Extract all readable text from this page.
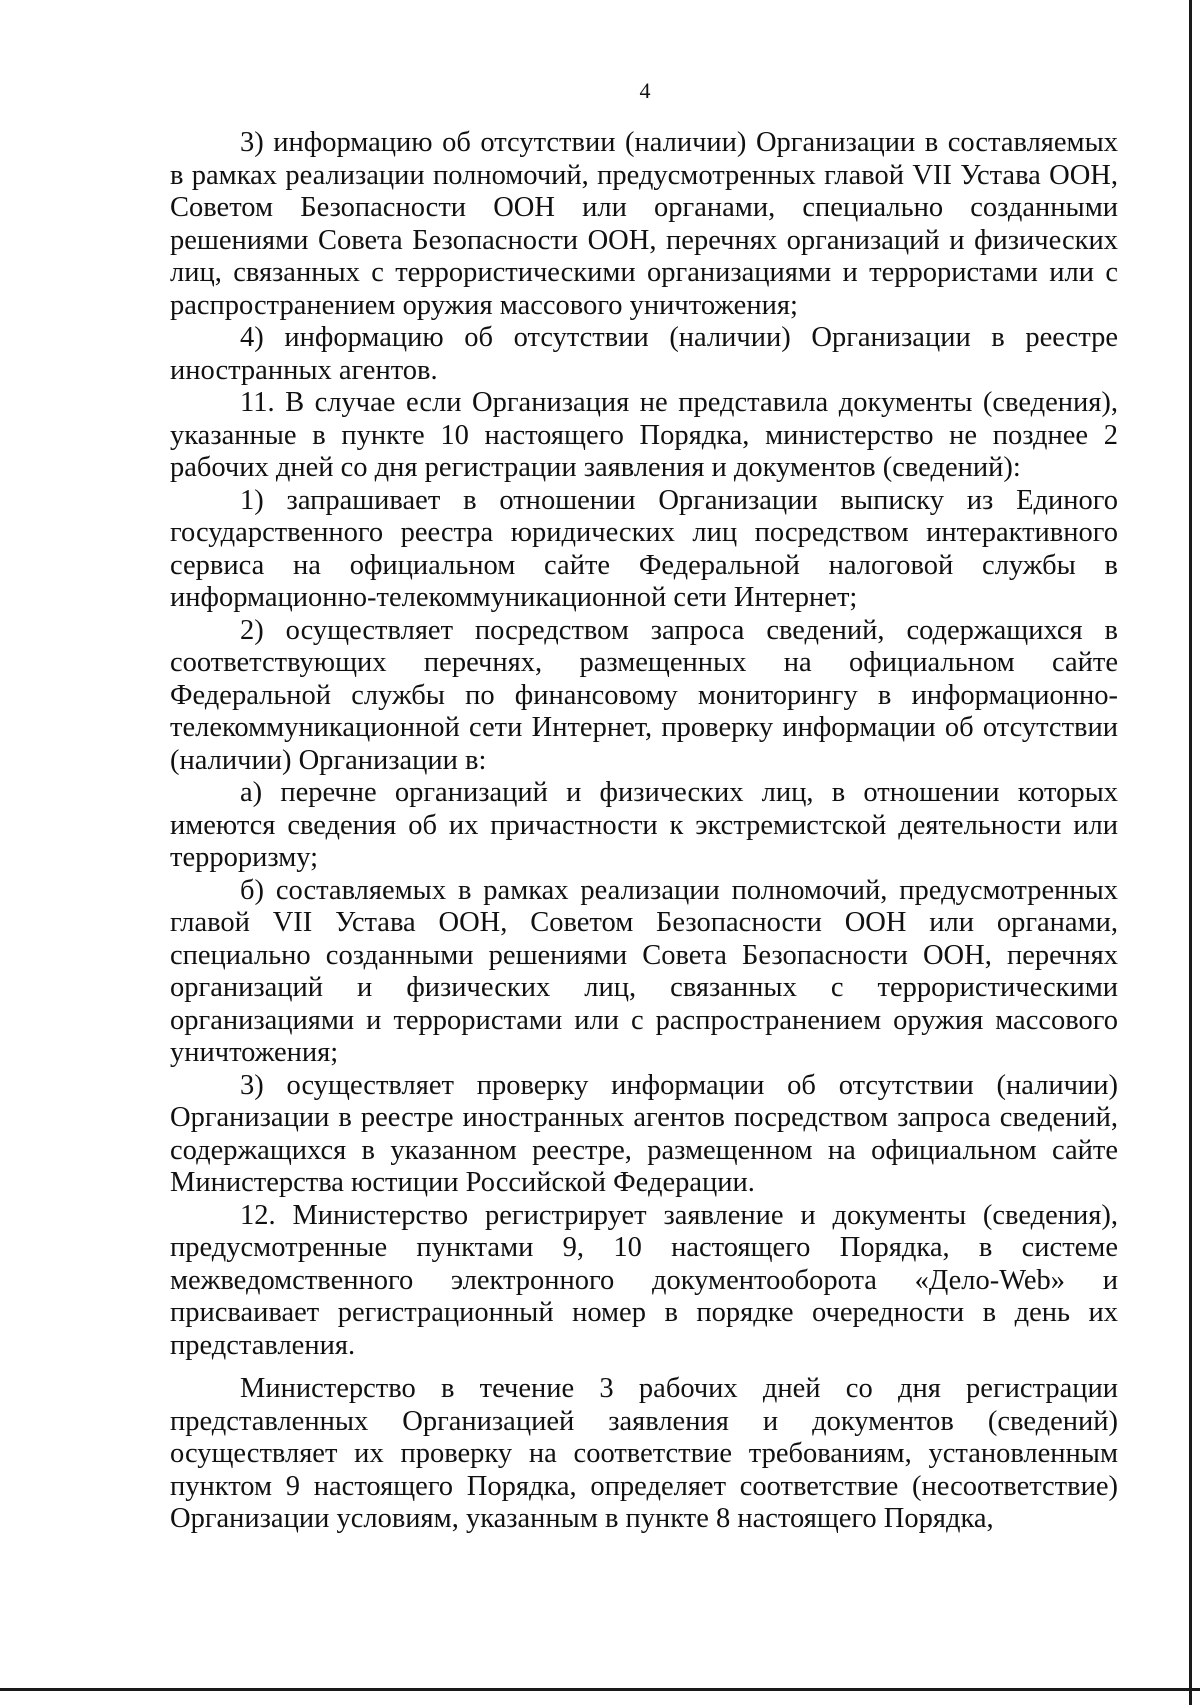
4

3) информацию об отсутствии (наличии) Организации в составляемых в рамках реализации полномочий, предусмотренных главой VII Устава ООН, Советом Безопасности ООН или органами, специально созданными решениями Совета Безопасности ООН, перечнях организаций и физических лиц, связанных с террористическими организациями и террористами или с распространением оружия массового уничтожения;

4) информацию об отсутствии (наличии) Организации в реестре иностранных агентов.

11. В случае если Организация не представила документы (сведения), указанные в пункте 10 настоящего Порядка, министерство не позднее 2 рабочих дней со дня регистрации заявления и документов (сведений):

1) запрашивает в отношении Организации выписку из Единого государственного реестра юридических лиц посредством интерактивного сервиса на официальном сайте Федеральной налоговой службы в информационно-телекоммуникационной сети Интернет;

2) осуществляет посредством запроса сведений, содержащихся в соответствующих перечнях, размещенных на официальном сайте Федеральной службы по финансовому мониторингу в информационно-телекоммуникационной сети Интернет, проверку информации об отсутствии (наличии) Организации в:

а) перечне организаций и физических лиц, в отношении которых имеются сведения об их причастности к экстремистской деятельности или терроризму;

б) составляемых в рамках реализации полномочий, предусмотренных главой VII Устава ООН, Советом Безопасности ООН или органами, специально созданными решениями Совета Безопасности ООН, перечнях организаций и физических лиц, связанных с террористическими организациями и террористами или с распространением оружия массового уничтожения;

3) осуществляет проверку информации об отсутствии (наличии) Организации в реестре иностранных агентов посредством запроса сведений, содержащихся в указанном реестре, размещенном на официальном сайте Министерства юстиции Российской Федерации.

12. Министерство регистрирует заявление и документы (сведения), предусмотренные пунктами 9, 10 настоящего Порядка, в системе межведомственного электронного документооборота «Дело-Web» и присваивает регистрационный номер в порядке очередности в день их представления.

Министерство в течение 3 рабочих дней со дня регистрации представленных Организацией заявления и документов (сведений) осуществляет их проверку на соответствие требованиям, установленным пунктом 9 настоящего Порядка, определяет соответствие (несоответствие) Организации условиям, указанным в пункте 8 настоящего Порядка,
